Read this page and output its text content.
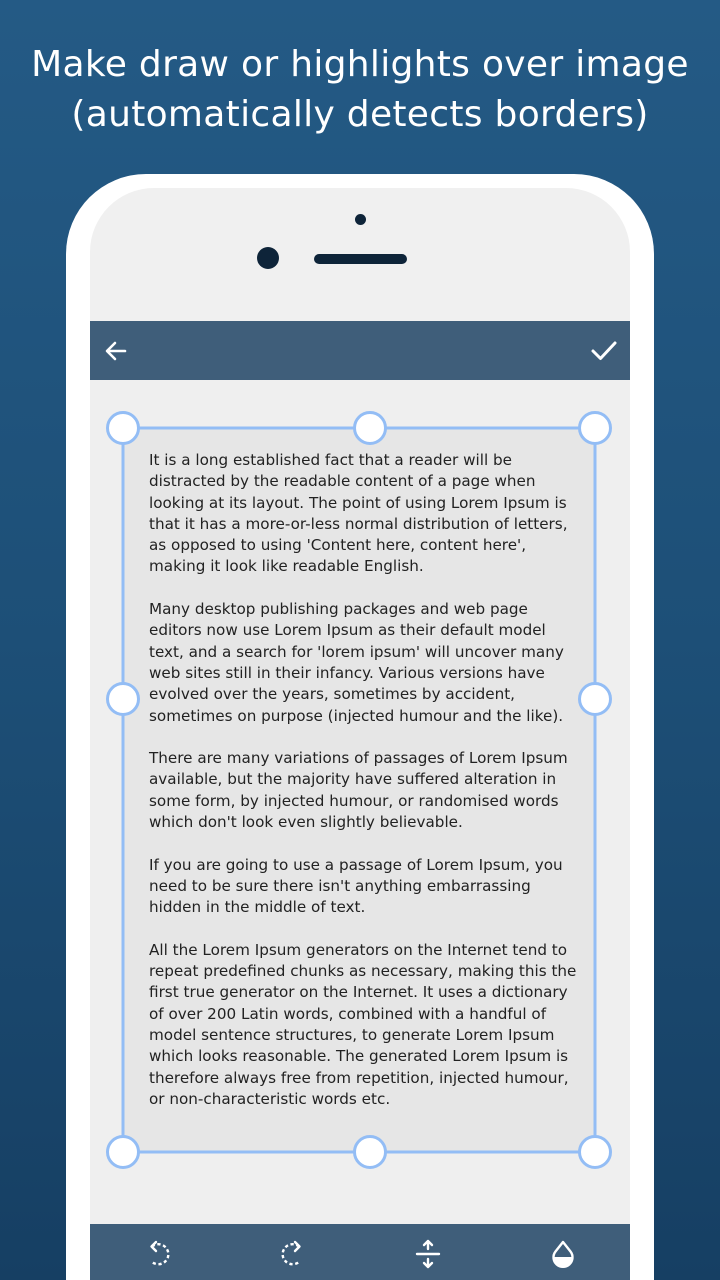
Make draw or highlights over image
(automatically detects borders)

It is a long established fact that a reader will be distracted by the readable content of a page when looking at its layout. The point of using Lorem Ipsum is that it has a more-or-less normal distribution of letters, as opposed to using 'Content here, content here', making it look like readable English.

Many desktop publishing packages and web page editors now use Lorem Ipsum as their default model text, and a search for 'lorem ipsum' will uncover many web sites still in their infancy. Various versions have evolved over the years, sometimes by accident, sometimes on purpose (injected humour and the like).

There are many variations of passages of Lorem Ipsum available, but the majority have suffered alteration in some form, by injected humour, or randomised words which don't look even slightly believable.

If you are going to use a passage of Lorem Ipsum, you need to be sure there isn't anything embarrassing hidden in the middle of text.

All the Lorem Ipsum generators on the Internet tend to repeat predefined chunks as necessary, making this the first true generator on the Internet. It uses a dictionary of over 200 Latin words, combined with a handful of model sentence structures, to generate Lorem Ipsum which looks reasonable. The generated Lorem Ipsum is therefore always free from repetition, injected humour, or non-characteristic words etc.
